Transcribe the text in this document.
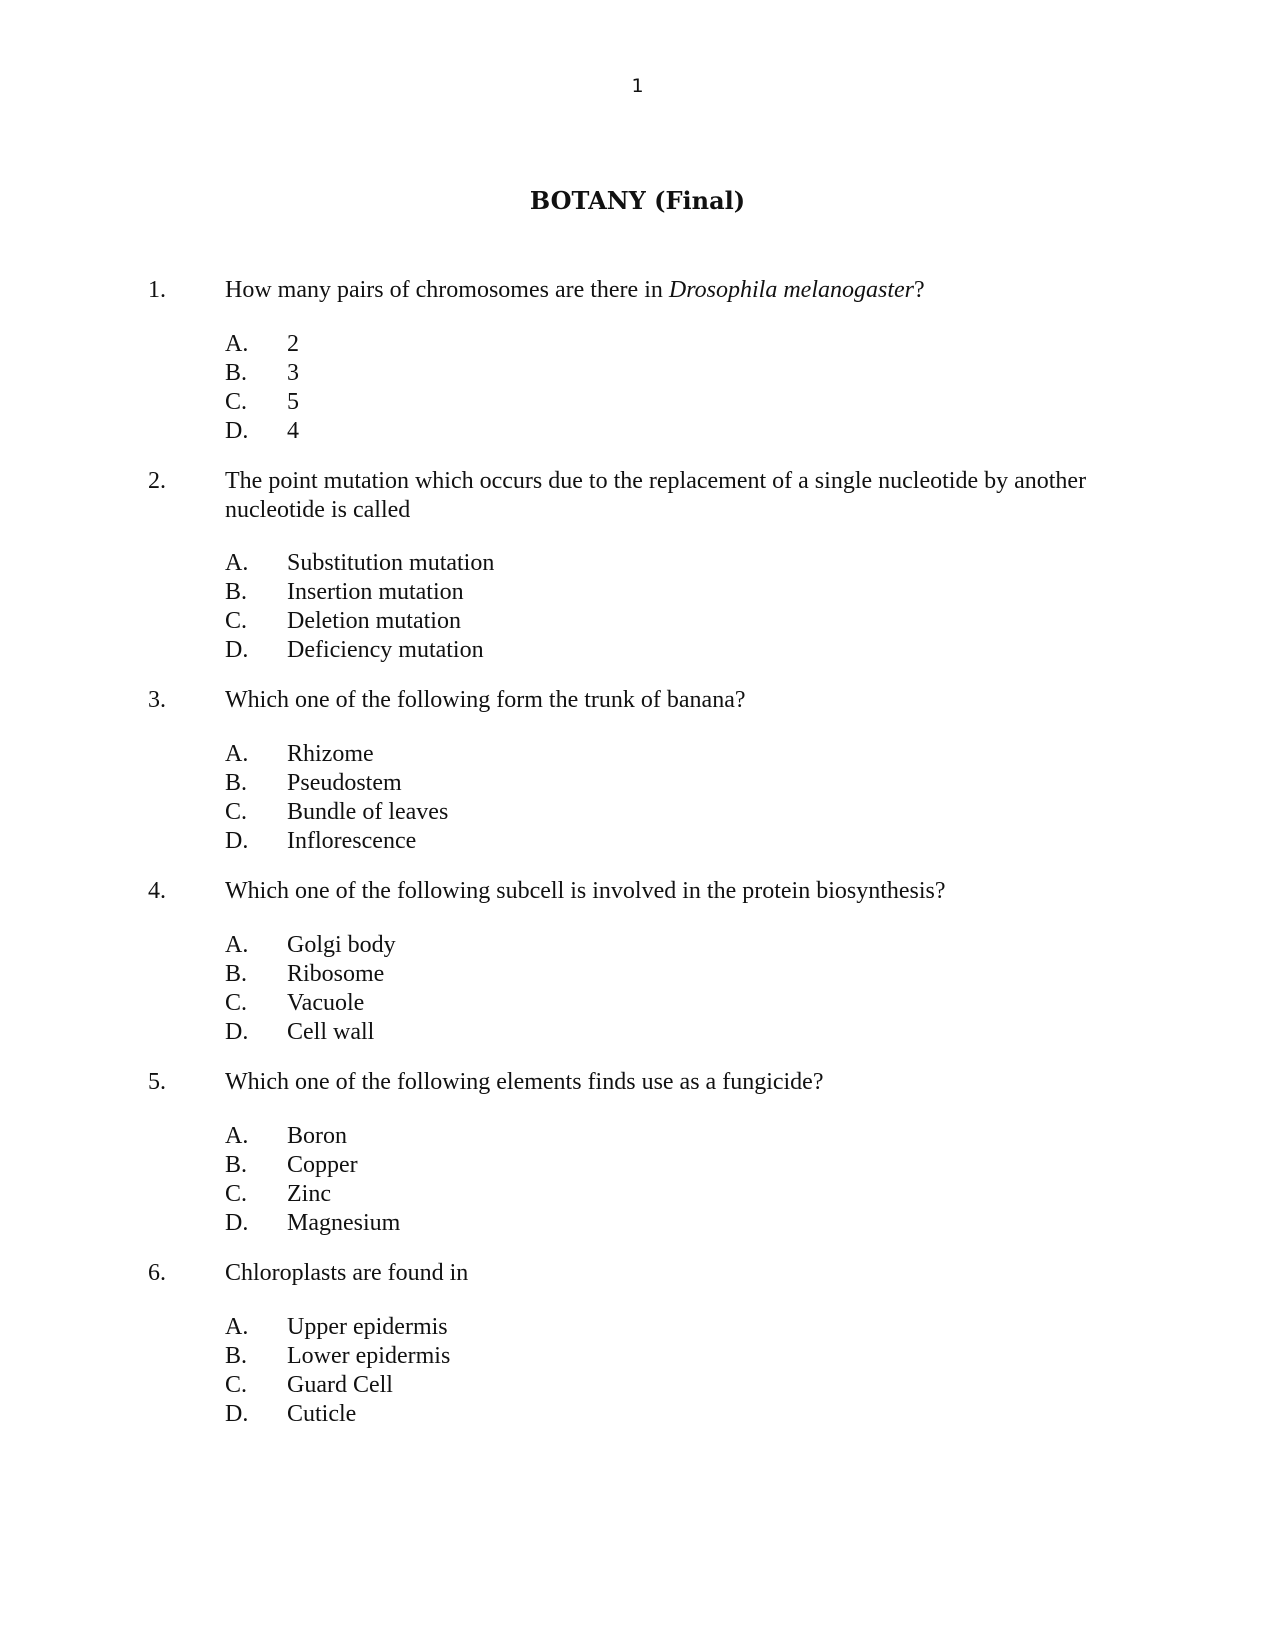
1
BOTANY (Final)
1. How many pairs of chromosomes are there in Drosophila melanogaster?

A. 2
B. 3
C. 5
D. 4
2. The point mutation which occurs due to the replacement of a single nucleotide by another nucleotide is called

A. Substitution mutation
B. Insertion mutation
C. Deletion mutation
D. Deficiency mutation
3. Which one of the following form the trunk of banana?

A. Rhizome
B. Pseudostem
C. Bundle of leaves
D. Inflorescence
4. Which one of the following subcell is involved in the protein biosynthesis?

A. Golgi body
B. Ribosome
C. Vacuole
D. Cell wall
5. Which one of the following elements finds use as a fungicide?

A. Boron
B. Copper
C. Zinc
D. Magnesium
6. Chloroplasts are found in

A. Upper epidermis
B. Lower epidermis
C. Guard Cell
D. Cuticle
